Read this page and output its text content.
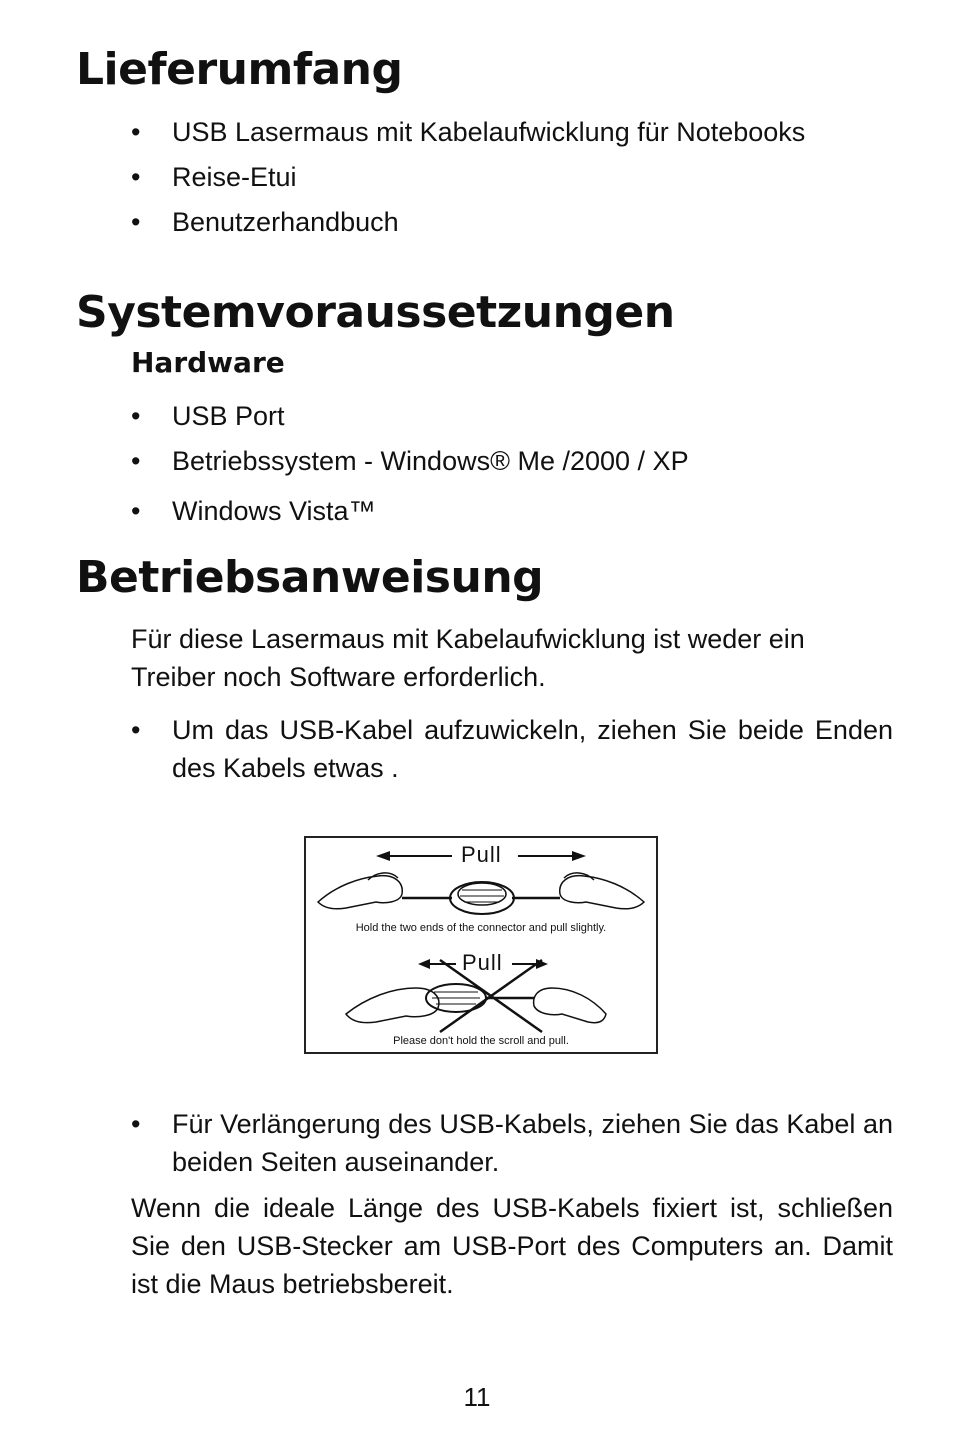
Lieferumfang
• USB Lasermaus mit Kabelaufwicklung für Notebooks
• Reise-Etui
• Benutzerhandbuch
Systemvoraussetzungen
Hardware
• USB Port
• Betriebssystem - Windows® Me /2000 / XP
• Windows Vista™
Betriebsanweisung

Für diese Lasermaus mit Kabelaufwicklung ist weder ein Treiber noch Software erforderlich.

• Um das USB-Kabel aufzuwickeln, ziehen Sie beide Enden des Kabels etwas .
Pull
Hold the two ends of the connector and pull slightly.
Pull
Please don't hold the scroll and pull.
• Für Verlängerung des USB-Kabels, ziehen Sie das Kabel an beiden Seiten auseinander.

Wenn die ideale Länge des USB-Kabels fixiert ist, schließen Sie den USB-Stecker am USB-Port des Computers an. Damit ist die Maus betriebsbereit.

11
